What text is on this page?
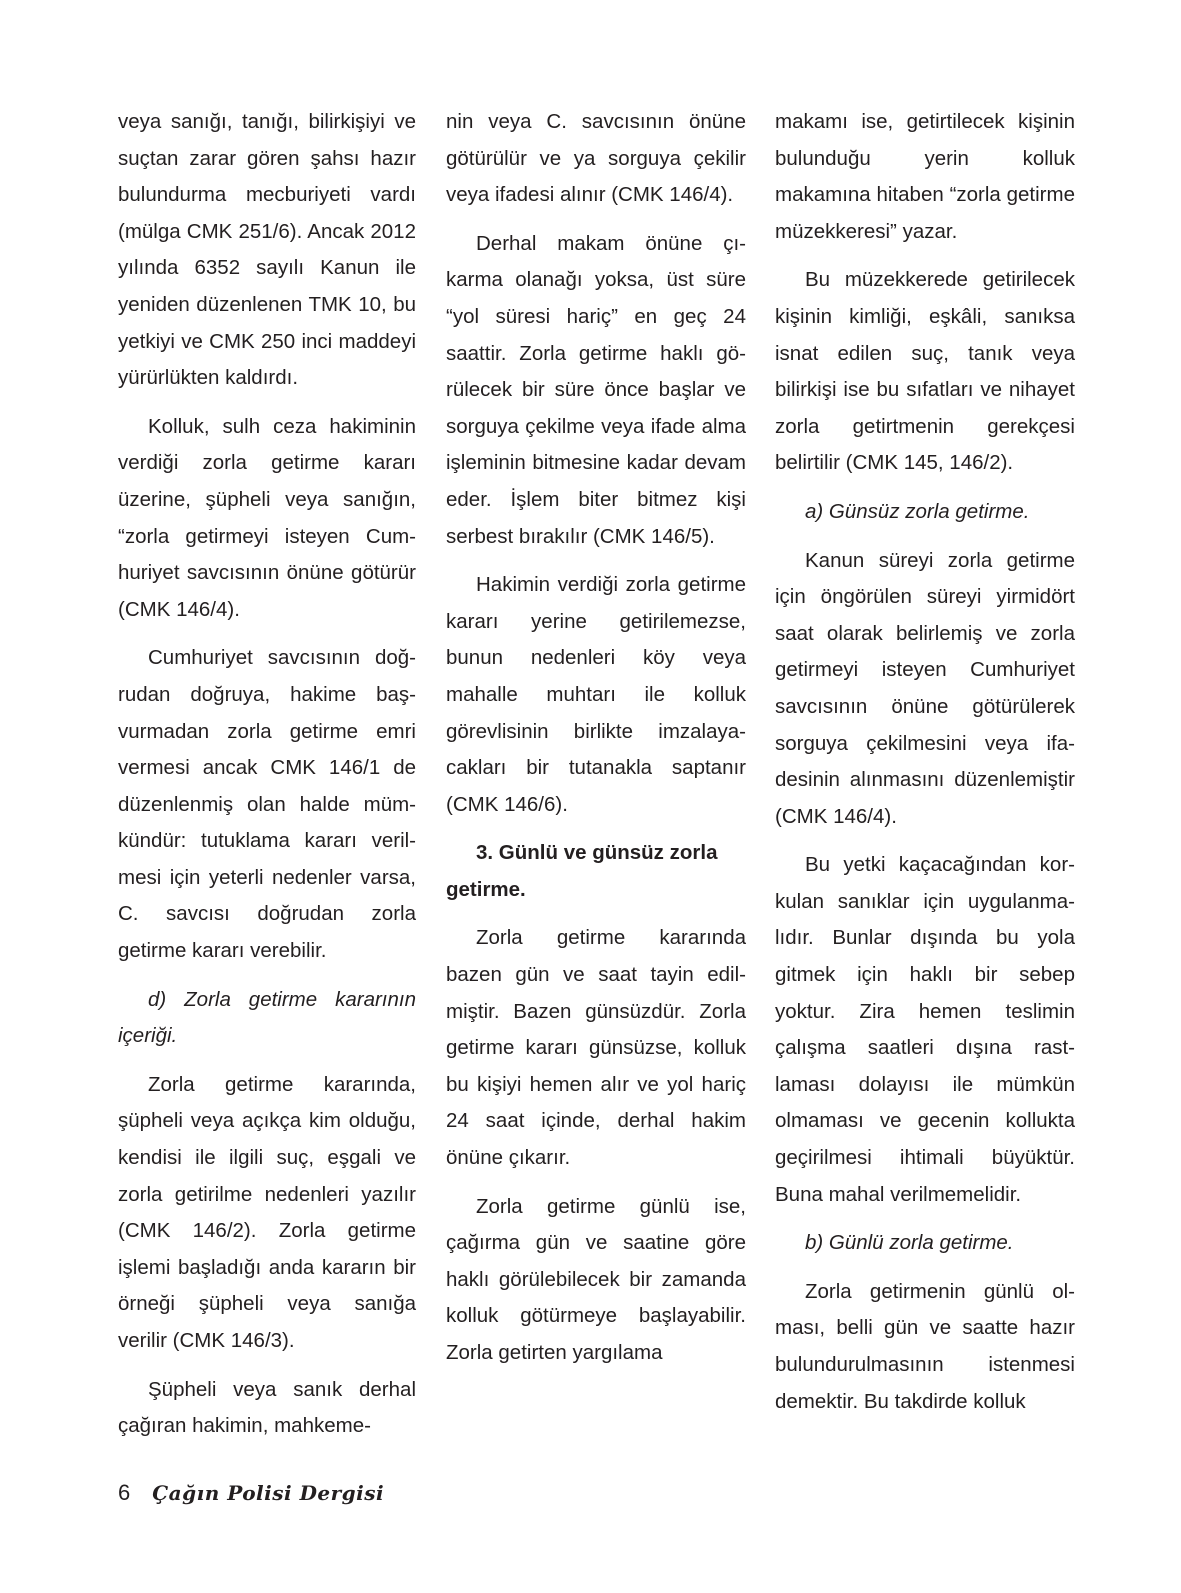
veya sanığı, tanığı, bilirkişiyi ve suçtan zarar gören şahsı hazır bulundurma mecburiyeti vardı (mülga CMK 251/6). Ancak 2012 yılında 6352 sayılı Kanun ile yeniden düzenlenen TMK 10, bu yetkiyi ve CMK 250 inci maddeyi yürürlükten kaldırdı.

Kolluk, sulh ceza hakiminin verdiği zorla getirme kararı üzerine, şüpheli veya sanığın, “zorla getirmeyi isteyen Cumhuriyet savcısının önüne götürür (CMK 146/4).

Cumhuriyet savcısının doğrudan doğruya, hakime başvurmadan zorla getirme emri vermesi ancak CMK 146/1 de düzenlenmiş olan halde mümkündür: tutuklama kararı verilmesi için yeterli nedenler varsa, C. savcısı doğrudan zorla getirme kararı verebilir.

d) Zorla getirme kararının içeriği.

Zorla getirme kararında, şüpheli veya açıkça kim olduğu, kendisi ile ilgili suç, eşgali ve zorla getirilme nedenleri yazılır (CMK 146/2). Zorla getirme işlemi başladığı anda kararın bir örneği şüpheli veya sanığa verilir (CMK 146/3).

Şüpheli veya sanık derhal çağıran hakimin, mahkeme-

nin veya C. savcısının önüne götürülür ve ya sorguya çekilir veya ifadesi alınır (CMK 146/4).

Derhal makam önüne çıkarma olanağı yoksa, üst süre “yol süresi hariç” en geç 24 saattir. Zorla getirme haklı görülecek bir süre önce başlar ve sorguya çekilme veya ifade alma işleminin bitmesine kadar devam eder. İşlem biter bitmez kişi serbest bırakılır (CMK 146/5).

Hakimin verdiği zorla getirme kararı yerine getirilemezse, bunun nedenleri köy veya mahalle muhtarı ile kolluk görevlisinin birlikte imzalayacakları bir tutanakla saptanır (CMK 146/6).

3. Günlü ve günsüz zorla getirme.

Zorla getirme kararında bazen gün ve saat tayin edilmiştir. Bazen günsüzdür. Zorla getirme kararı günsüzse, kolluk bu kişiyi hemen alır ve yol hariç 24 saat içinde, derhal hakim önüne çıkarır.

Zorla getirme günlü ise, çağırma gün ve saatine göre haklı görülebilecek bir zamanda kolluk götürmeye başlayabilir. Zorla getirten yargılama

makamı ise, getirtilecek kişinin bulunduğu yerin kolluk makamına hitaben “zorla getirme müzekkeresi” yazar.

Bu müzekkerede getirilecek kişinin kimliği, eşkâli, sanıksa isnat edilen suç, tanık veya bilirkişi ise bu sıfatları ve nihayet zorla getirtmenin gerekçesi belirtilir (CMK 145, 146/2).

a) Günsüz zorla getirme.

Kanun süreyi zorla getirme için öngörülen süreyi yirmidört saat olarak belirlemiş ve zorla getirmeyi isteyen Cumhuriyet savcısının önüne götürülerek sorguya çekilmesini veya ifadesinin alınmasını düzenlemiştir (CMK 146/4).

Bu yetki kaçacağından korkulan sanıklar için uygulanmalıdır. Bunlar dışında bu yola gitmek için haklı bir sebep yoktur. Zira hemen teslimin çalışma saatleri dışına rastlaması dolayısı ile mümkün olmaması ve gecenin kollukta geçirilmesi ihtimali büyüktür. Buna mahal verilmemelidir.

b) Günlü zorla getirme.

Zorla getirmenin günlü olması, belli gün ve saatte hazır bulundurulmasının istenmesi demektir. Bu takdirde kolluk

6 Çağın Polisi Dergisi
